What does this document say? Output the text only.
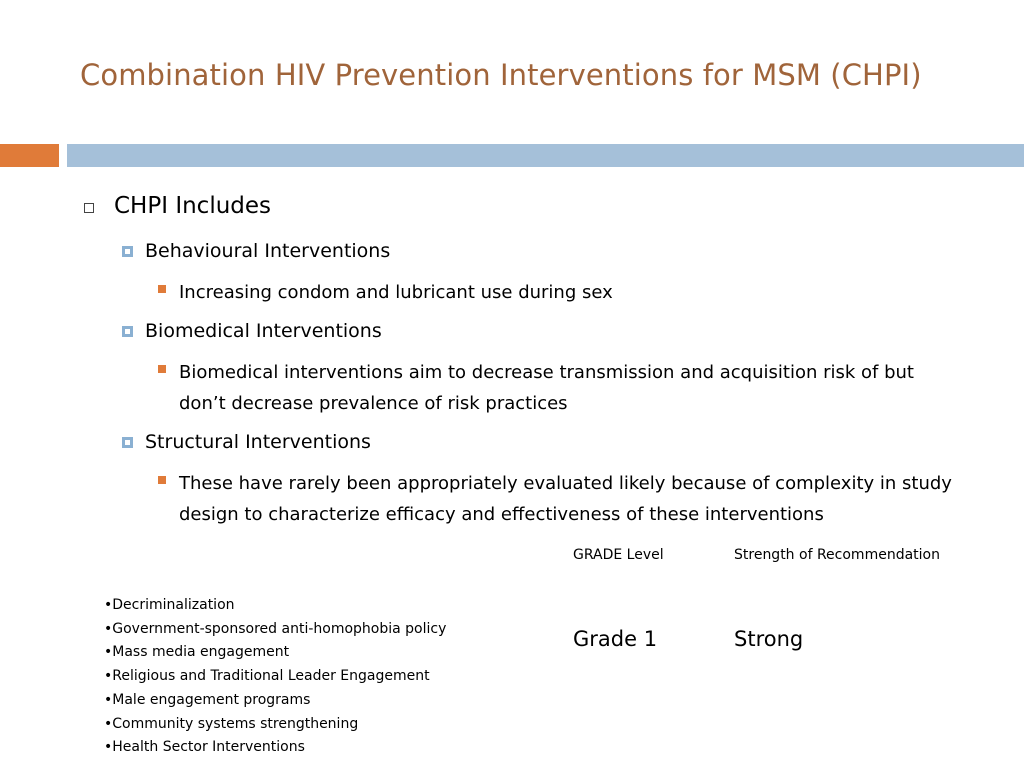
Combination HIV Prevention Interventions for MSM (CHPI)
CHPI Includes
Behavioural Interventions
Increasing condom and lubricant use during sex
Biomedical Interventions
Biomedical interventions aim to decrease transmission and acquisition risk of but don’t decrease prevalence of risk practices
Structural Interventions
These have rarely been appropriately evaluated likely because of complexity in study design to characterize efficacy and effectiveness of these interventions
GRADE Level	Strength of Recommendation
Grade 1	Strong
• Decriminalization
• Government-sponsored anti-homophobia policy
• Mass media engagement
• Religious and Traditional Leader Engagement
• Male engagement programs
• Community systems strengthening
• Health Sector Interventions
